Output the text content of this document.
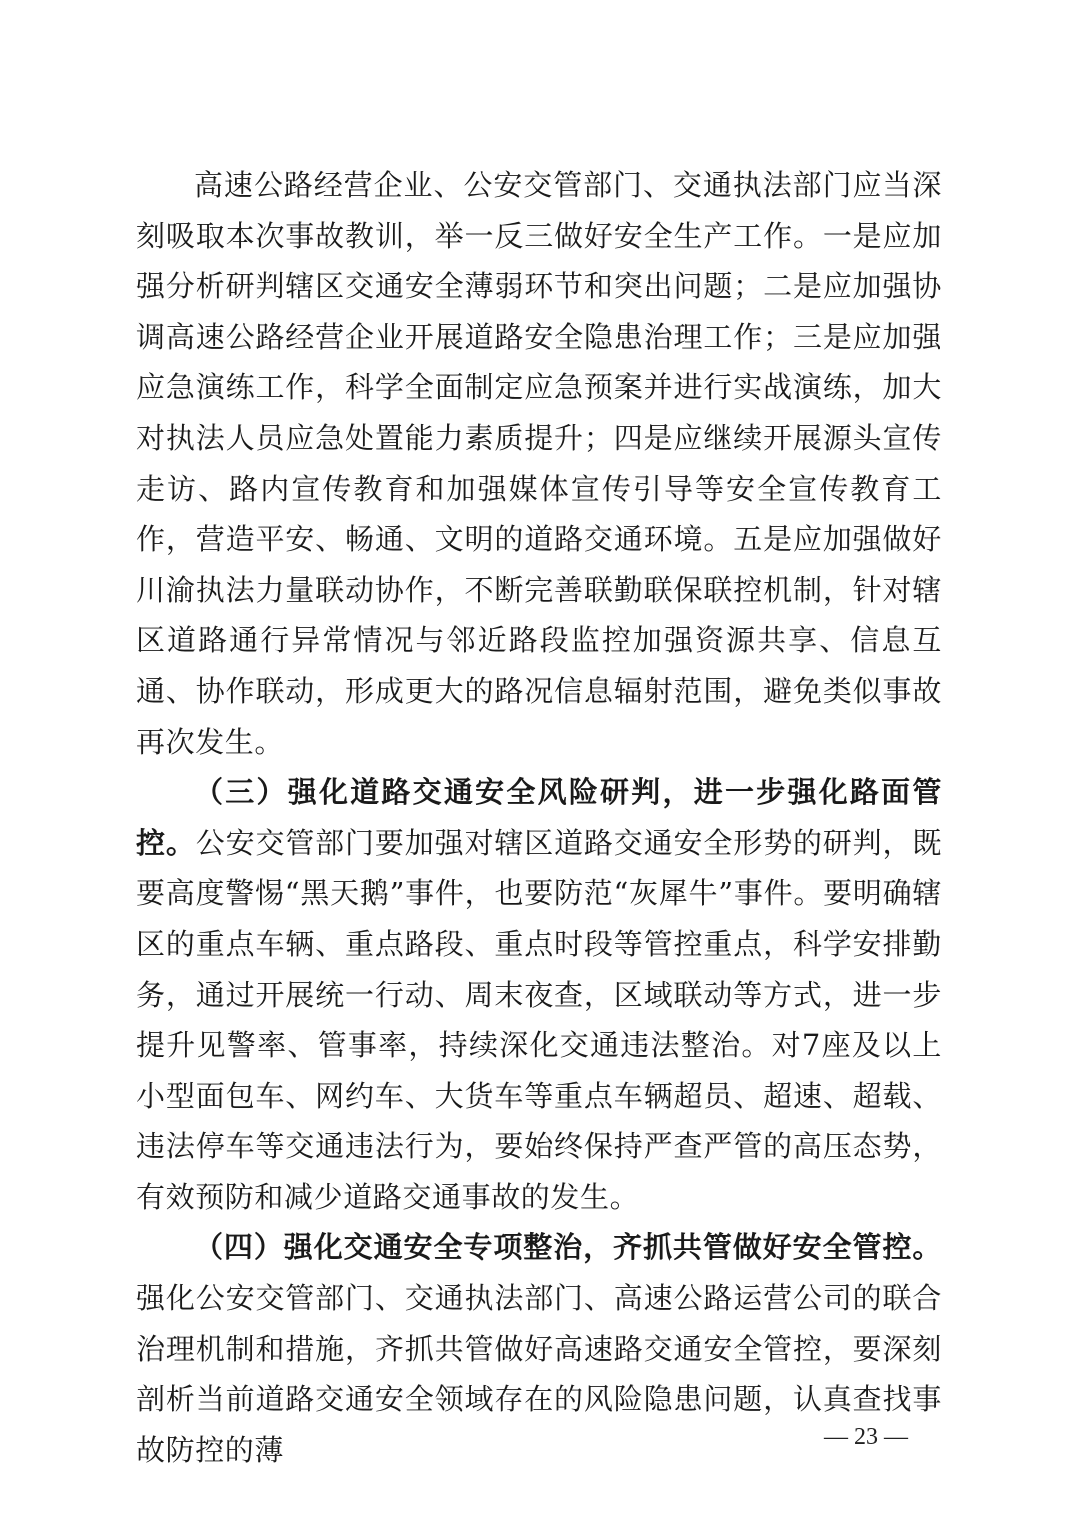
高速公路经营企业、公安交管部门、交通执法部门应当深刻吸取本次事故教训，举一反三做好安全生产工作。一是应加强分析研判辖区交通安全薄弱环节和突出问题；二是应加强协调高速公路经营企业开展道路安全隐患治理工作；三是应加强应急演练工作，科学全面制定应急预案并进行实战演练，加大对执法人员应急处置能力素质提升；四是应继续开展源头宣传走访、路内宣传教育和加强媒体宣传引导等安全宣传教育工作，营造平安、畅通、文明的道路交通环境。五是应加强做好川渝执法力量联动协作，不断完善联勤联保联控机制，针对辖区道路通行异常情况与邻近路段监控加强资源共享、信息互通、协作联动，形成更大的路况信息辐射范围，避免类似事故再次发生。

（三）强化道路交通安全风险研判，进一步强化路面管控。公安交管部门要加强对辖区道路交通安全形势的研判，既要高度警惕“黑天鹅”事件，也要防范“灰犀牛”事件。要明确辖区的重点车辆、重点路段、重点时段等管控重点，科学安排勤务，通过开展统一行动、周末夜查，区域联动等方式，进一步提升见警率、管事率，持续深化交通违法整治。对7座及以上小型面包车、网约车、大货车等重点车辆超员、超速、超载、违法停车等交通违法行为，要始终保持严查严管的高压态势，有效预防和减少道路交通事故的发生。

（四）强化交通安全专项整治，齐抓共管做好安全管控。强化公安交管部门、交通执法部门、高速公路运营公司的联合治理机制和措施，齐抓共管做好高速路交通安全管控，要深刻剖析当前道路交通安全领域存在的风险隐患问题，认真查找事故防控的薄	— 23 —
